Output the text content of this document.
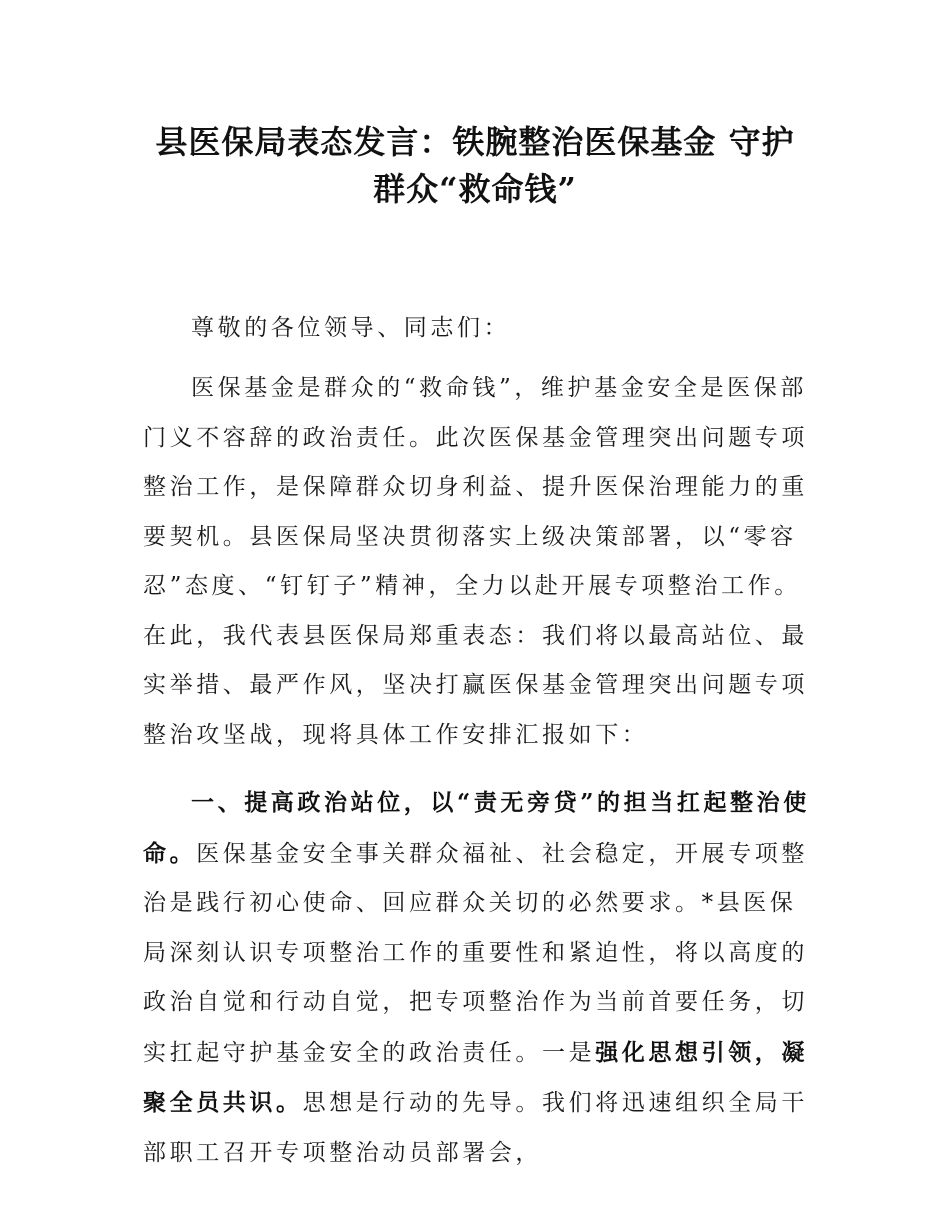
县医保局表态发言：铁腕整治医保基金 守护
群众“救命钱”

尊敬的各位领导、同志们：

医保基金是群众的“救命钱”，维护基金安全是医保部门义不容辞的政治责任。此次医保基金管理突出问题专项整治工作，是保障群众切身利益、提升医保治理能力的重要契机。县医保局坚决贯彻落实上级决策部署，以“零容忍”态度、“钉钉子”精神，全力以赴开展专项整治工作。在此，我代表县医保局郑重表态：我们将以最高站位、最实举措、最严作风，坚决打赢医保基金管理突出问题专项整治攻坚战，现将具体工作安排汇报如下：

一、提高政治站位，以“责无旁贷”的担当扛起整治使命。医保基金安全事关群众福祉、社会稳定，开展专项整治是践行初心使命、回应群众关切的必然要求。*县医保局深刻认识专项整治工作的重要性和紧迫性，将以高度的政治自觉和行动自觉，把专项整治作为当前首要任务，切实扛起守护基金安全的政治责任。一是强化思想引领，凝聚全员共识。思想是行动的先导。我们将迅速组织全局干部职工召开专项整治动员部署会，
